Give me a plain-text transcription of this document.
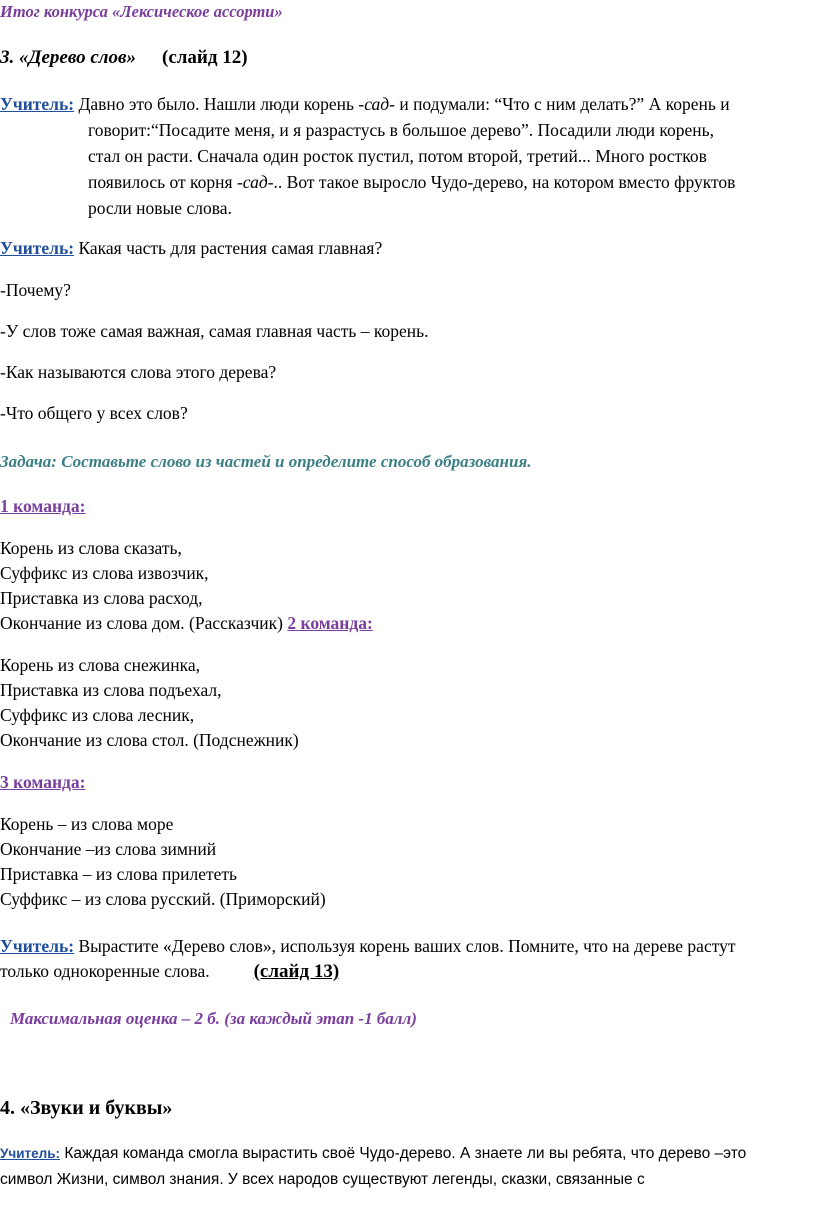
Итог конкурса «Лексическое ассорти»
3. «Дерево слов» (слайд 12)
Учитель: Давно это было. Нашли люди корень -сад- и подумали: “Что с ним делать?” А корень и
говорит:“Посадите меня, и я разрастусь в большое дерево”. Посадили люди корень,
стал он расти. Сначала один росток пустил, потом второй, третий... Много ростков
появилось от корня -сад-.. Вот такое выросло Чудо-дерево, на котором вместо фруктов
росли новые слова.
Учитель: Какая часть для растения самая главная?
-Почему?
-У слов тоже самая важная, самая главная часть – корень.
-Как называются слова этого дерева?
-Что общего у всех слов?
Задача: Составьте слово из частей и определите способ образования.
1 команда:
Корень из слова сказать,
Суффикс из слова извозчик,
Приставка из слова расход,
Окончание из слова дом. (Рассказчик) 2 команда:
Корень из слова снежинка,
Приставка из слова подъехал,
Суффикс из слова лесник,
Окончание из слова стол. (Подснежник)
3 команда:
Корень – из слова море
Окончание –из слова зимний
Приставка – из слова прилететь
Суффикс – из слова русский. (Приморский)
Учитель: Вырастите «Дерево слов», используя корень ваших слов. Помните, что на дереве растут
только однокоренные слова. (слайд 13)
Максимальная оценка – 2 б. (за каждый этап -1 балл)
4. «Звуки и буквы»
Учитель: Каждая команда смогла вырастить своё Чудо-дерево. А знаете ли вы ребята, что дерево –это
символ Жизни, символ знания. У всех народов существуют легенды, сказки, связанные с
